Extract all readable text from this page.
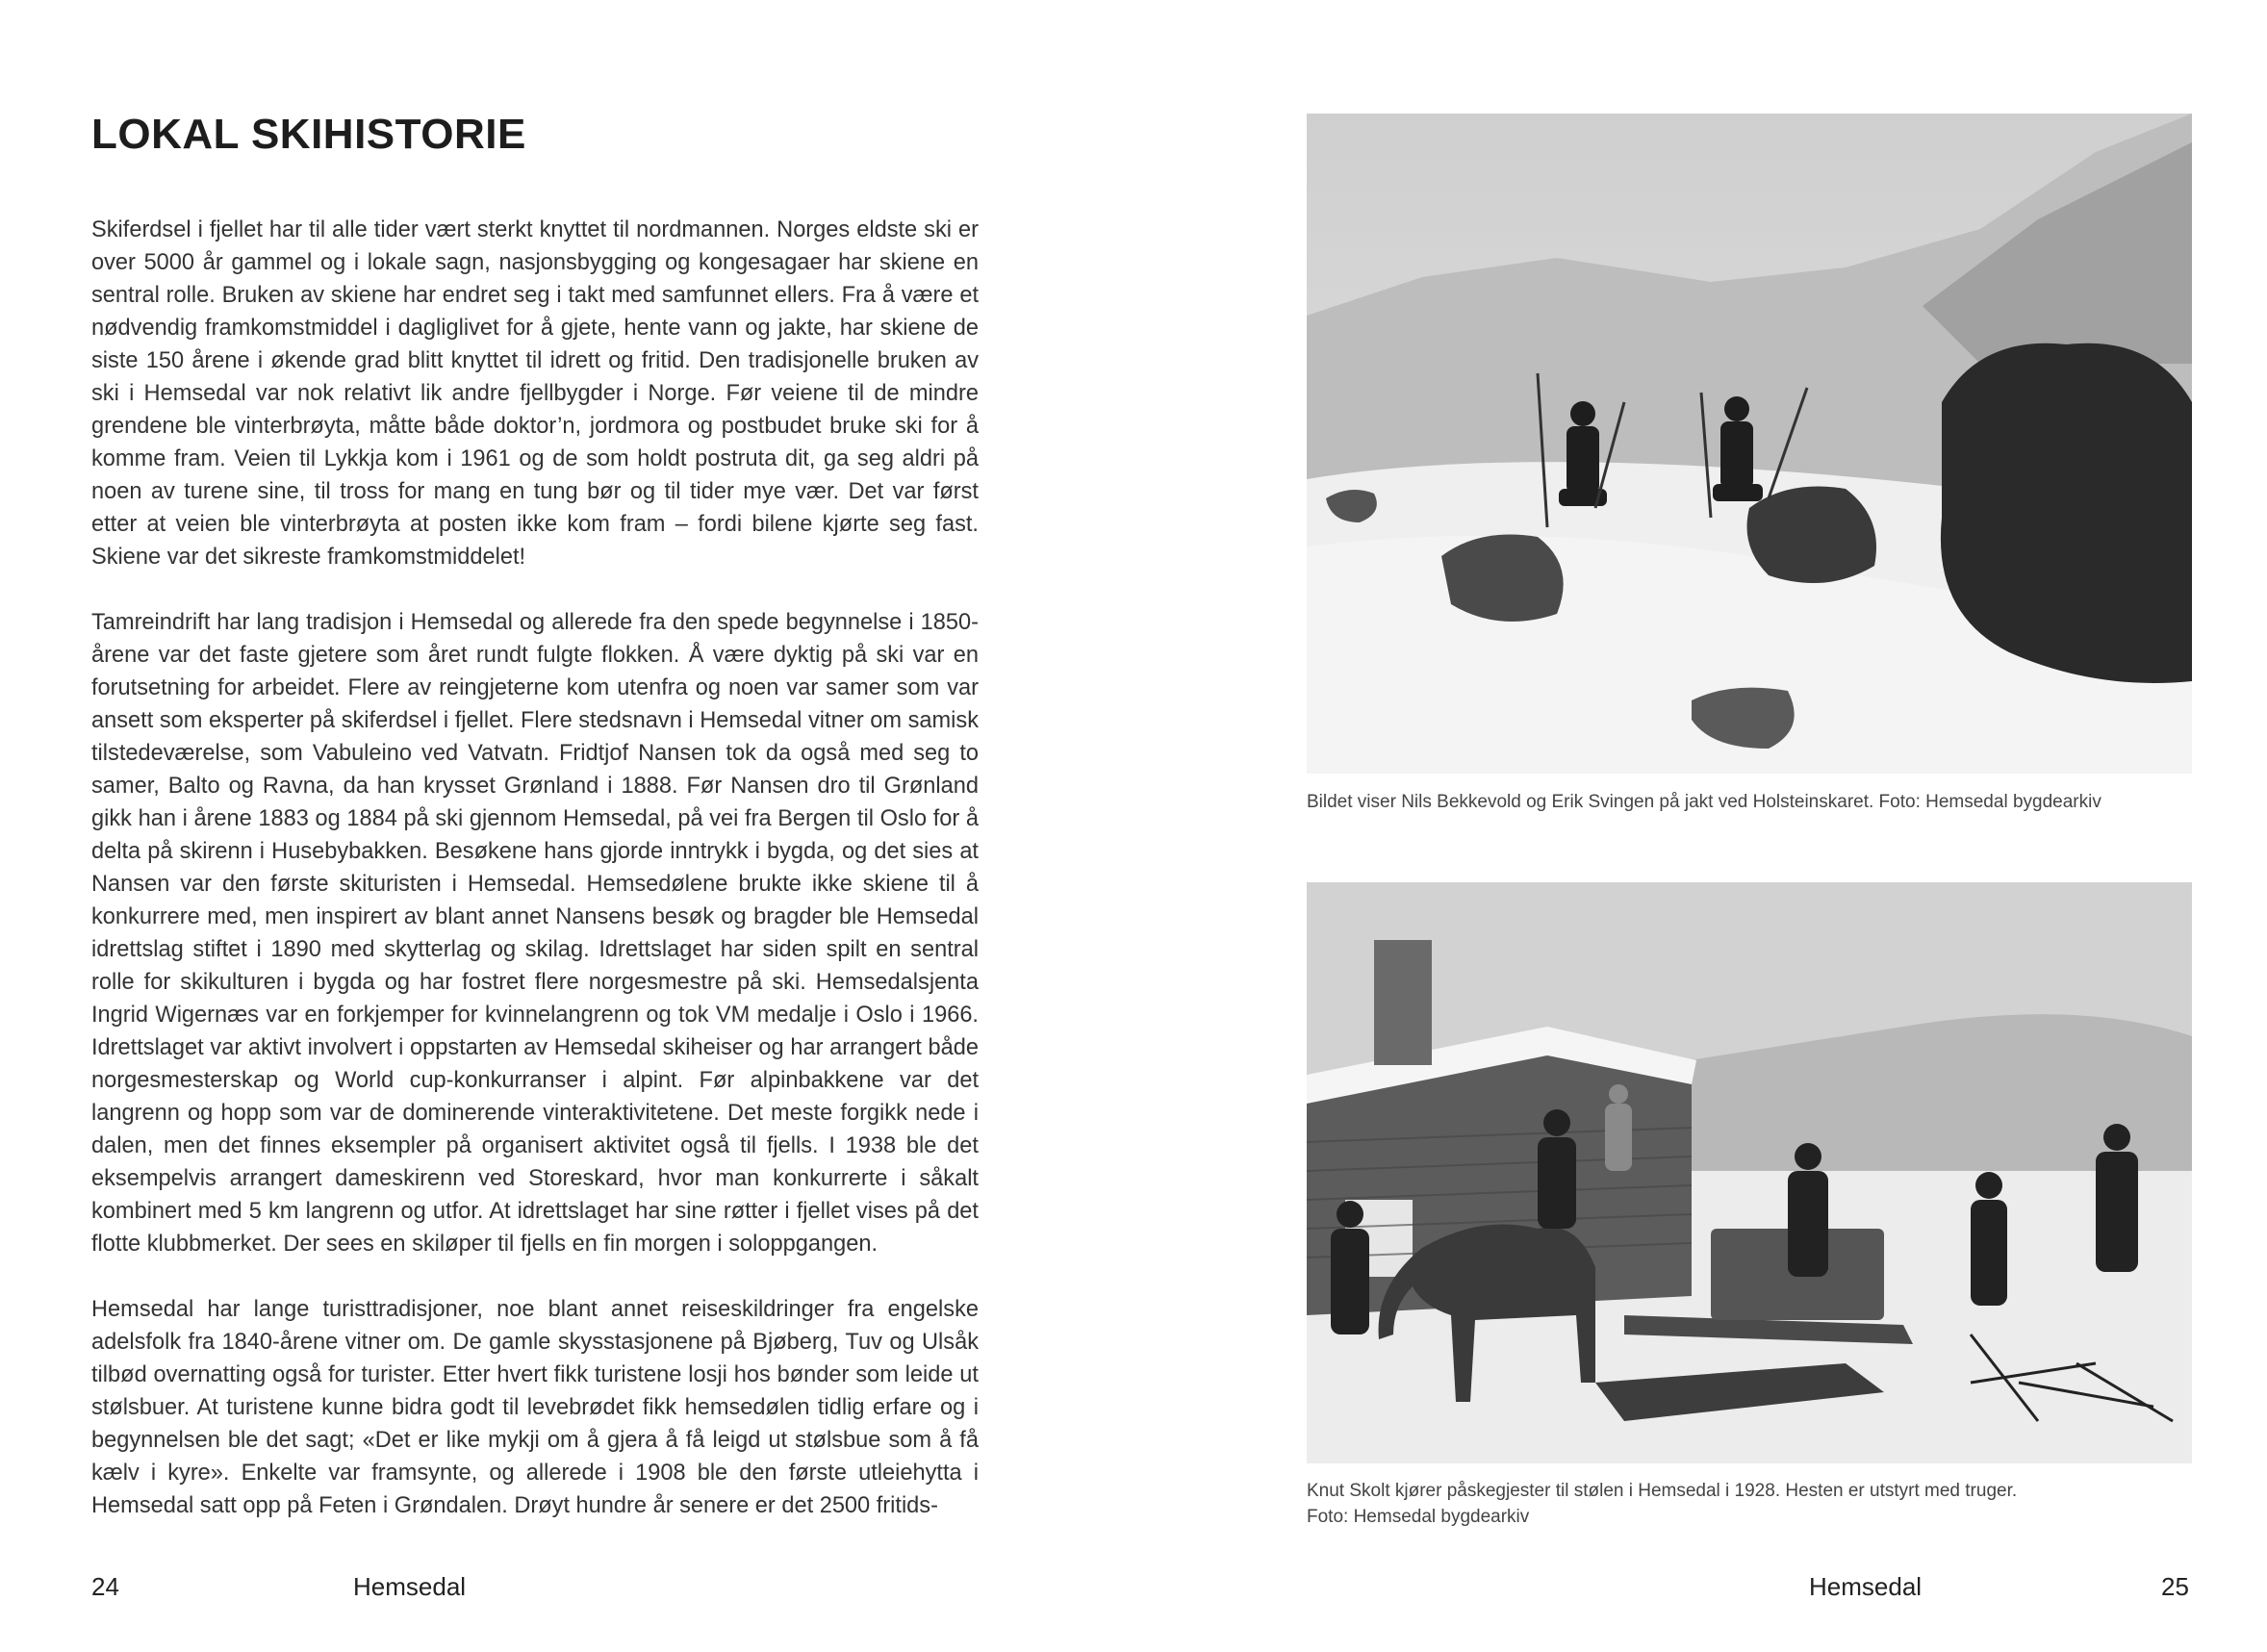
LOKAL SKIHISTORIE

Skiferdsel i fjellet har til alle tider vært sterkt knyttet til nordmannen. Norges eldste ski er over 5000 år gammel og i lokale sagn, nasjonsbygging og kongesagaer har skiene en sentral rolle. Bruken av skiene har endret seg i takt med samfunnet ellers. Fra å være et nødvendig framkomstmiddel i dagliglivet for å gjete, hente vann og jakte, har skiene de siste 150 årene i økende grad blitt knyttet til idrett og fritid. Den tradisjonelle bruken av ski i Hemsedal var nok relativt lik andre fjellbygder i Norge. Før veiene til de mindre grendene ble vinterbrøyta, måtte både doktor’n, jordmora og postbudet bruke ski for å komme fram. Veien til Lykkja kom i 1961 og de som holdt postruta dit, ga seg aldri på noen av turene sine, til tross for mang en tung bør og til tider mye vær. Det var først etter at veien ble vinterbrøyta at posten ikke kom fram – fordi bilene kjørte seg fast. Skiene var det sikreste framkomstmiddelet!

Tamreindrift har lang tradisjon i Hemsedal og allerede fra den spede begynnelse i 1850-årene var det faste gjetere som året rundt fulgte flokken. Å være dyktig på ski var en forutsetning for arbeidet. Flere av reingjeterne kom utenfra og noen var samer som var ansett som eksperter på skiferdsel i fjellet. Flere stedsnavn i Hemsedal vitner om samisk tilstedeværelse, som Vabuleino ved Vatvatn. Fridtjof Nansen tok da også med seg to samer, Balto og Ravna, da han krysset Grønland i 1888. Før Nansen dro til Grønland gikk han i årene 1883 og 1884 på ski gjennom Hemsedal, på vei fra Bergen til Oslo for å delta på skirenn i Husebybakken. Besøkene hans gjorde inntrykk i bygda, og det sies at Nansen var den første skituristen i Hemsedal. Hemsedølene brukte ikke skiene til å konkurrere med, men inspirert av blant annet Nansens besøk og bragder ble Hemsedal idrettslag stiftet i 1890 med skytterlag og skilag. Idrettslaget har siden spilt en sentral rolle for skikulturen i bygda og har fostret flere norgesmestre på ski. Hemsedalsjenta Ingrid Wigernæs var en forkjemper for kvinnelangrenn og tok VM medalje i Oslo i 1966. Idrettslaget var aktivt involvert i oppstarten av Hemsedal skiheiser og har arrangert både norgesmesterskap og World cup-konkurranser i alpint. Før alpinbakkene var det langrenn og hopp som var de dominerende vinteraktivitetene. Det meste forgikk nede i dalen, men det finnes eksempler på organisert aktivitet også til fjells. I 1938 ble det eksempelvis arrangert dameskirenn ved Storeskard, hvor man konkurrerte i såkalt kombinert med 5 km langrenn og utfor. At idrettslaget har sine røtter i fjellet vises på det flotte klubbmerket. Der sees en skiløper til fjells en fin morgen i soloppgangen.

Hemsedal har lange turisttradisjoner, noe blant annet reiseskildringer fra engelske adelsfolk fra 1840-årene vitner om. De gamle skysstasjonene på Bjøberg, Tuv og Ulsåk tilbød overnatting også for turister. Etter hvert fikk turistene losji hos bønder som leide ut stølsbuer. At turistene kunne bidra godt til levebrødet fikk hemsedølen tidlig erfare og i begynnelsen ble det sagt; «Det er like mykji om å gjera å få leigd ut stølsbue som å få kælv i kyre». Enkelte var framsynte, og allerede i 1908 ble den første utleiehytta i Hemsedal satt opp på Feten i Grøndalen. Drøyt hundre år senere er det 2500 fritids-

24	Hemsedal
Bildet viser Nils Bekkevold og Erik Svingen på jakt ved Holsteinskaret. Foto: Hemsedal bygdearkiv
Knut Skolt kjører påskegjester til stølen i Hemsedal i 1928. Hesten er utstyrt med truger.
Foto: Hemsedal bygdearkiv
Hemsedal	25
